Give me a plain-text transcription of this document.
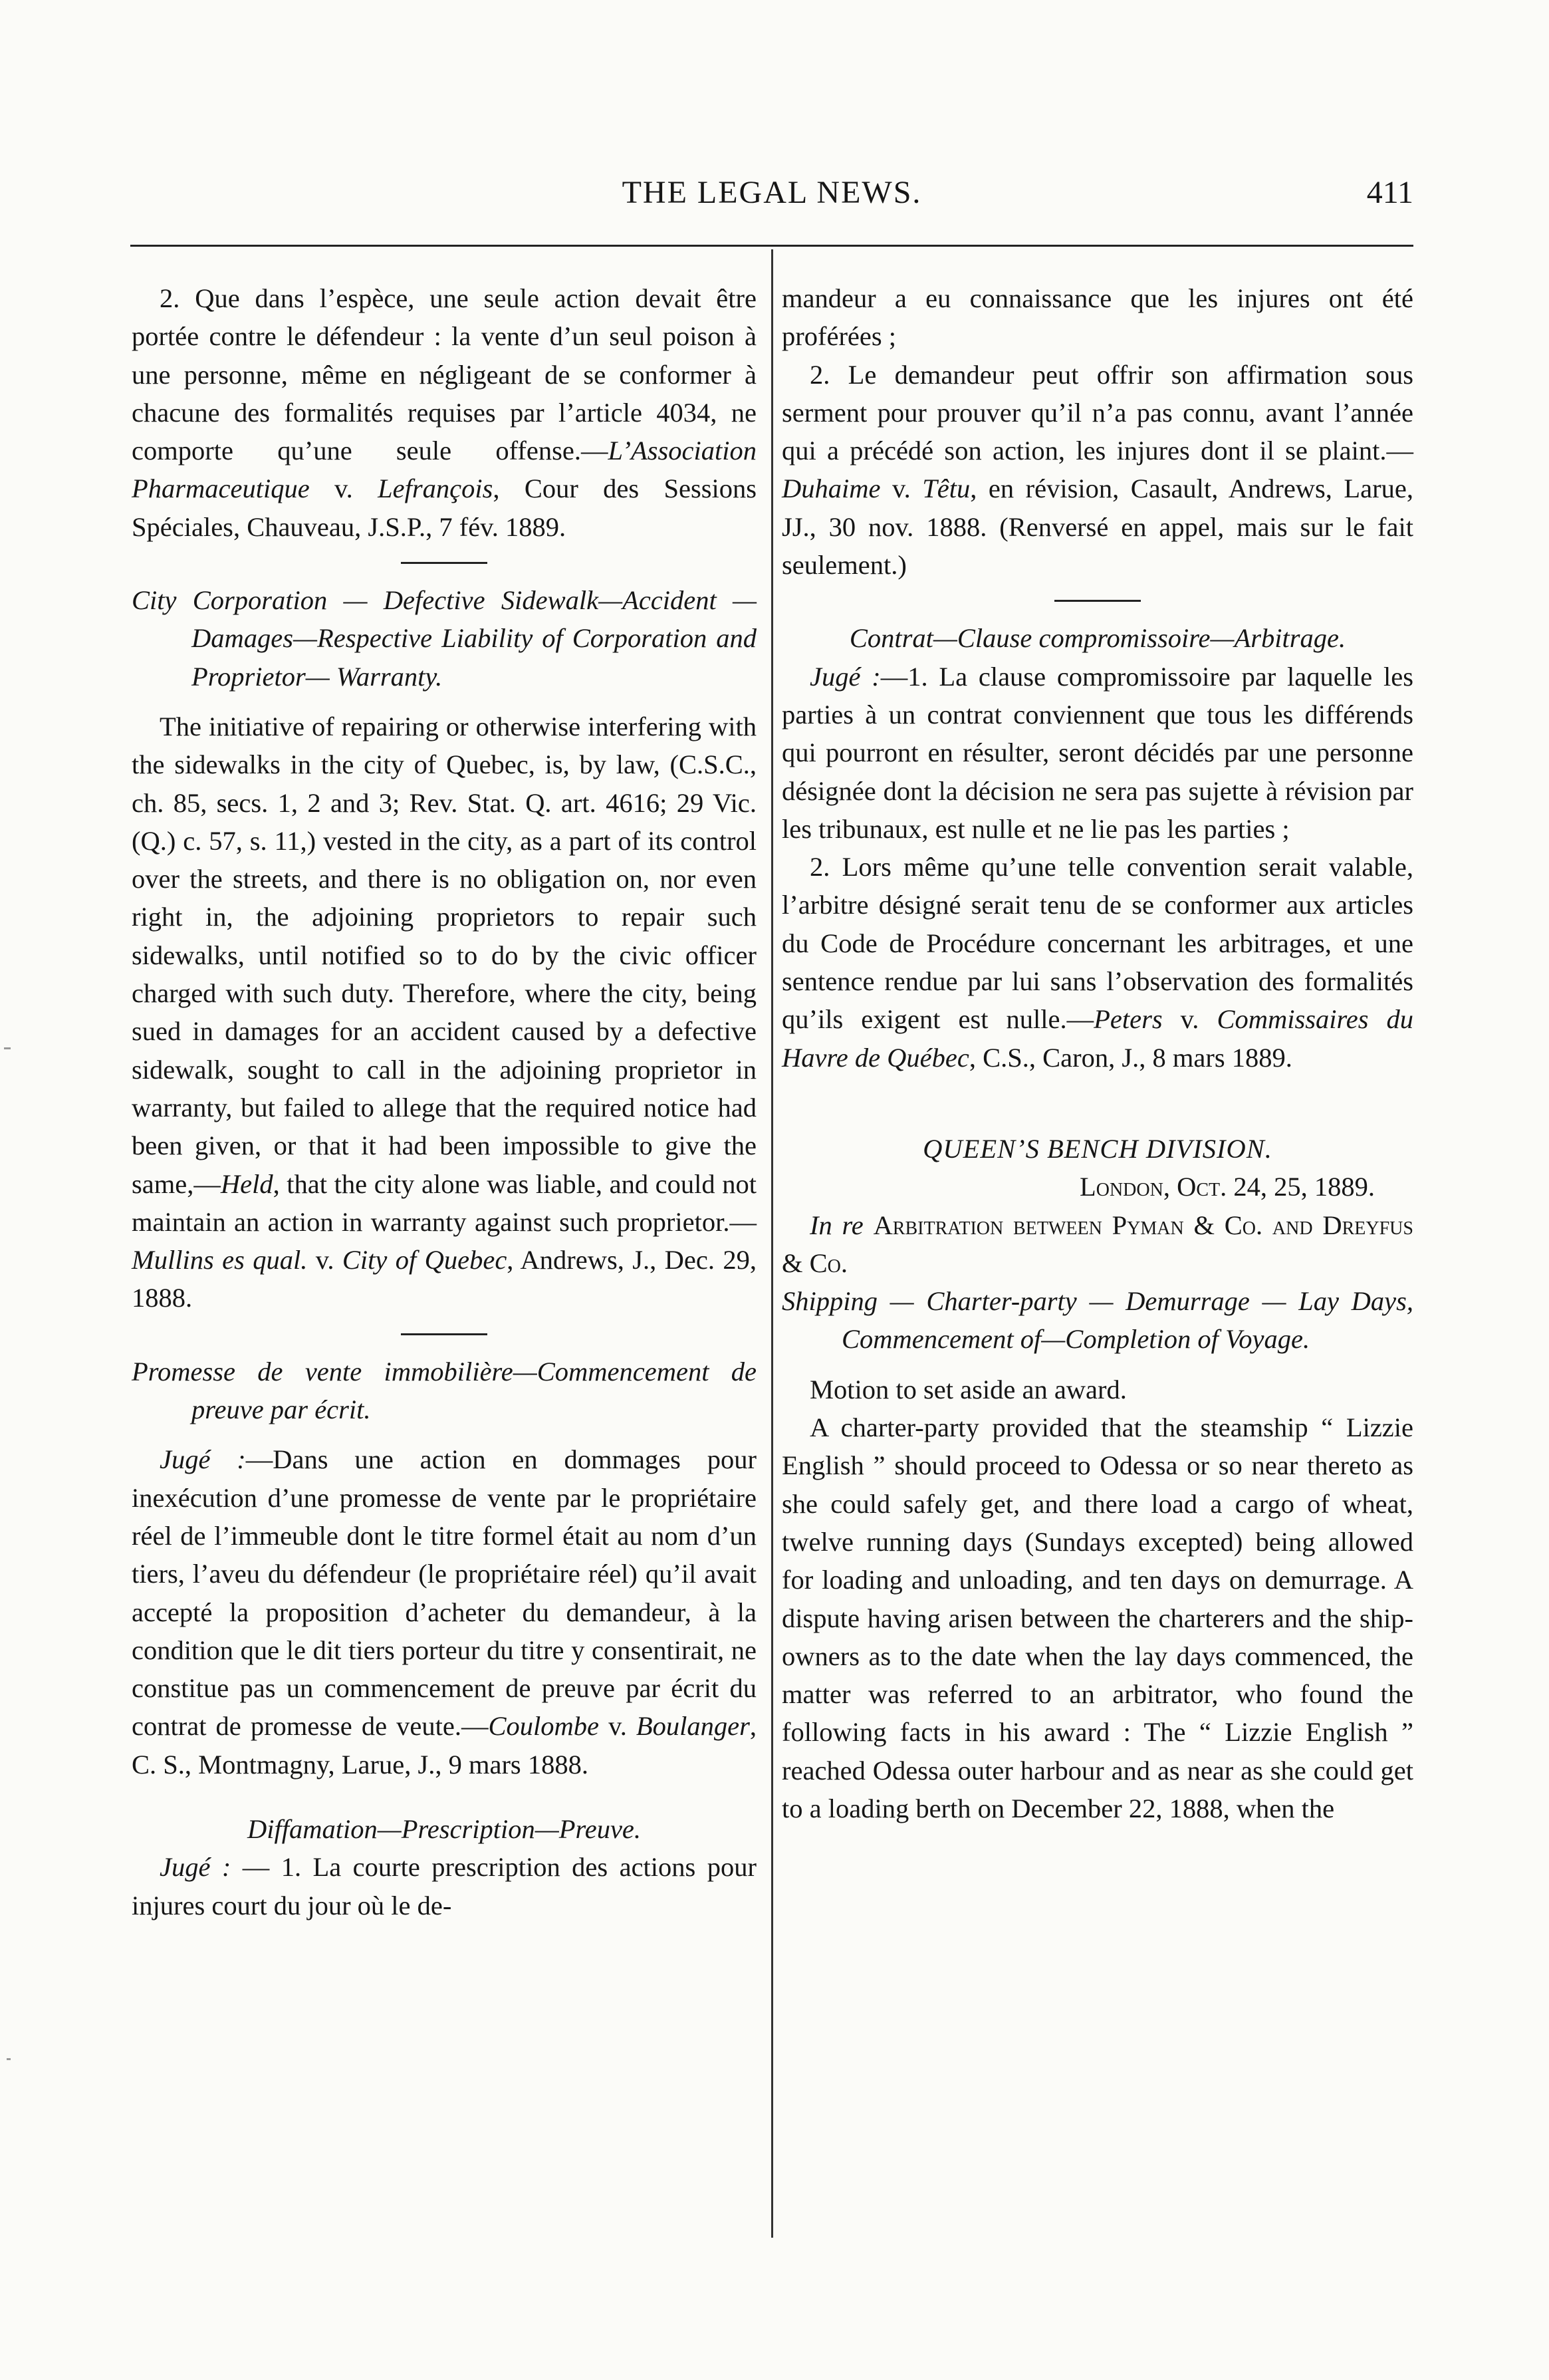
THE LEGAL NEWS.	411

2. Que dans l’espèce, une seule action devait être portée contre le défendeur : la vente d’un seul poison à une personne, même en négligeant de se conformer à chacune des formalités requises par l’article 4034, ne comporte qu’une seule offense.—L’Association Pharmaceutique v. Lefrançois, Cour des Sessions Spéciales, Chauveau, J.S.P., 7 fév. 1889.

City Corporation — Defective Sidewalk—Accident —Damages—Respective Liability of Corporation and Proprietor— Warranty.

The initiative of repairing or otherwise interfering with the sidewalks in the city of Quebec, is, by law, (C.S.C., ch. 85, secs. 1, 2 and 3; Rev. Stat. Q. art. 4616; 29 Vic. (Q.) c. 57, s. 11,) vested in the city, as a part of its control over the streets, and there is no obligation on, nor even right in, the adjoining proprietors to repair such sidewalks, until notified so to do by the civic officer charged with such duty. Therefore, where the city, being sued in damages for an accident caused by a defective sidewalk, sought to call in the adjoining proprietor in warranty, but failed to allege that the required notice had been given, or that it had been impossible to give the same,—Held, that the city alone was liable, and could not maintain an action in warranty against such proprietor.—Mullins es qual. v. City of Quebec, Andrews, J., Dec. 29, 1888.

Promesse de vente immobilière—Commencement de preuve par écrit.

Jugé :—Dans une action en dommages pour inexécution d’une promesse de vente par le propriétaire réel de l’immeuble dont le titre formel était au nom d’un tiers, l’aveu du défendeur (le propriétaire réel) qu’il avait accepté la proposition d’acheter du demandeur, à la condition que le dit tiers porteur du titre y consentirait, ne constitue pas un commencement de preuve par écrit du contrat de promesse de veute.—Coulombe v. Boulanger, C. S., Montmagny, Larue, J., 9 mars 1888.

Diffamation—Prescription—Preuve.

Jugé : — 1. La courte prescription des actions pour injures court du jour où le de-

mandeur a eu connaissance que les injures ont été proférées ;

2. Le demandeur peut offrir son affirmation sous serment pour prouver qu’il n’a pas connu, avant l’année qui a précédé son action, les injures dont il se plaint.—Duhaime v. Têtu, en révision, Casault, Andrews, Larue, JJ., 30 nov. 1888. (Renversé en appel, mais sur le fait seulement.)

Contrat—Clause compromissoire—Arbitrage.

Jugé :—1. La clause compromissoire par laquelle les parties à un contrat conviennent que tous les différends qui pourront en résulter, seront décidés par une personne désignée dont la décision ne sera pas sujette à révision par les tribunaux, est nulle et ne lie pas les parties ;

2. Lors même qu’une telle convention serait valable, l’arbitre désigné serait tenu de se conformer aux articles du Code de Procédure concernant les arbitrages, et une sentence rendue par lui sans l’observation des formalités qu’ils exigent est nulle.—Peters v. Commissaires du Havre de Québec, C.S., Caron, J., 8 mars 1889.

QUEEN’S BENCH DIVISION.

London, Oct. 24, 25, 1889.

In re Arbitration between Pyman & Co. and Dreyfus & Co.

Shipping — Charter-party — Demurrage — Lay Days, Commencement of—Completion of Voyage.

Motion to set aside an award.

A charter-party provided that the steamship “ Lizzie English ” should proceed to Odessa or so near thereto as she could safely get, and there load a cargo of wheat, twelve running days (Sundays excepted) being allowed for loading and unloading, and ten days on demurrage. A dispute having arisen between the charterers and the ship-owners as to the date when the lay days commenced, the matter was referred to an arbitrator, who found the following facts in his award : The “ Lizzie English ” reached Odessa outer harbour and as near as she could get to a loading berth on December 22, 1888, when the
